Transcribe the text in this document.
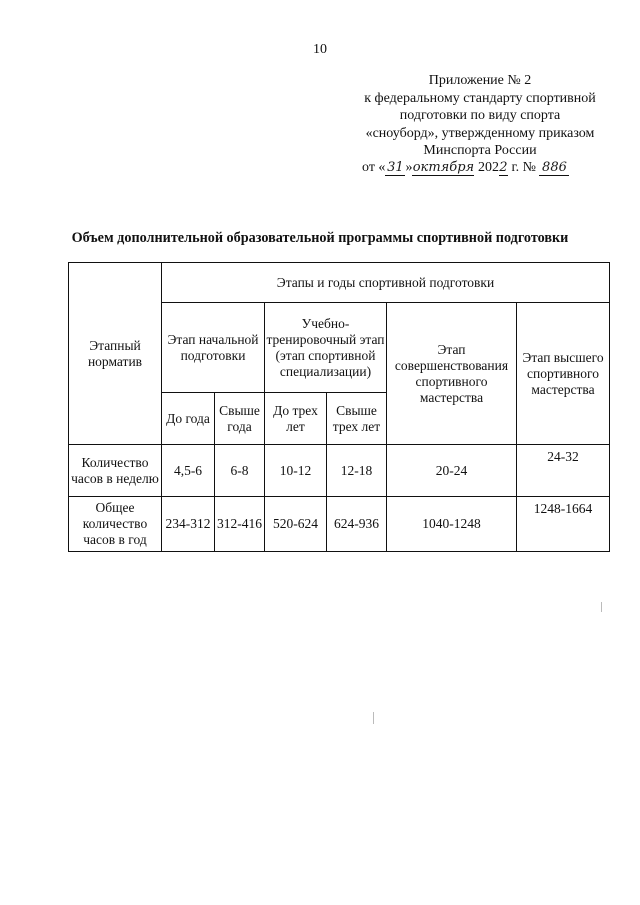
10
Приложение № 2
к федеральному стандарту спортивной
подготовки по виду спорта
«сноуборд», утвержденному приказом
Минспорта России
от « 31 »октября 2022 г. № 886
Объем дополнительной образовательной программы спортивной подготовки
Этапный норматив	Этапы и годы спортивной подготовки					
	Этап начальной подготовки		Учебно-тренировочный этап (этап спортивной специализации)		Этап совершенствования спортивного мастерства	Этап высшего спортивного мастерства
	До года	Свыше года	До трех лет	Свыше трех лет		
Количество часов в неделю	4,5-6	6-8	10-12	12-18	20-24	24-32
Общее количество часов в год	234-312	312-416	520-624	624-936	1040-1248	1248-1664
